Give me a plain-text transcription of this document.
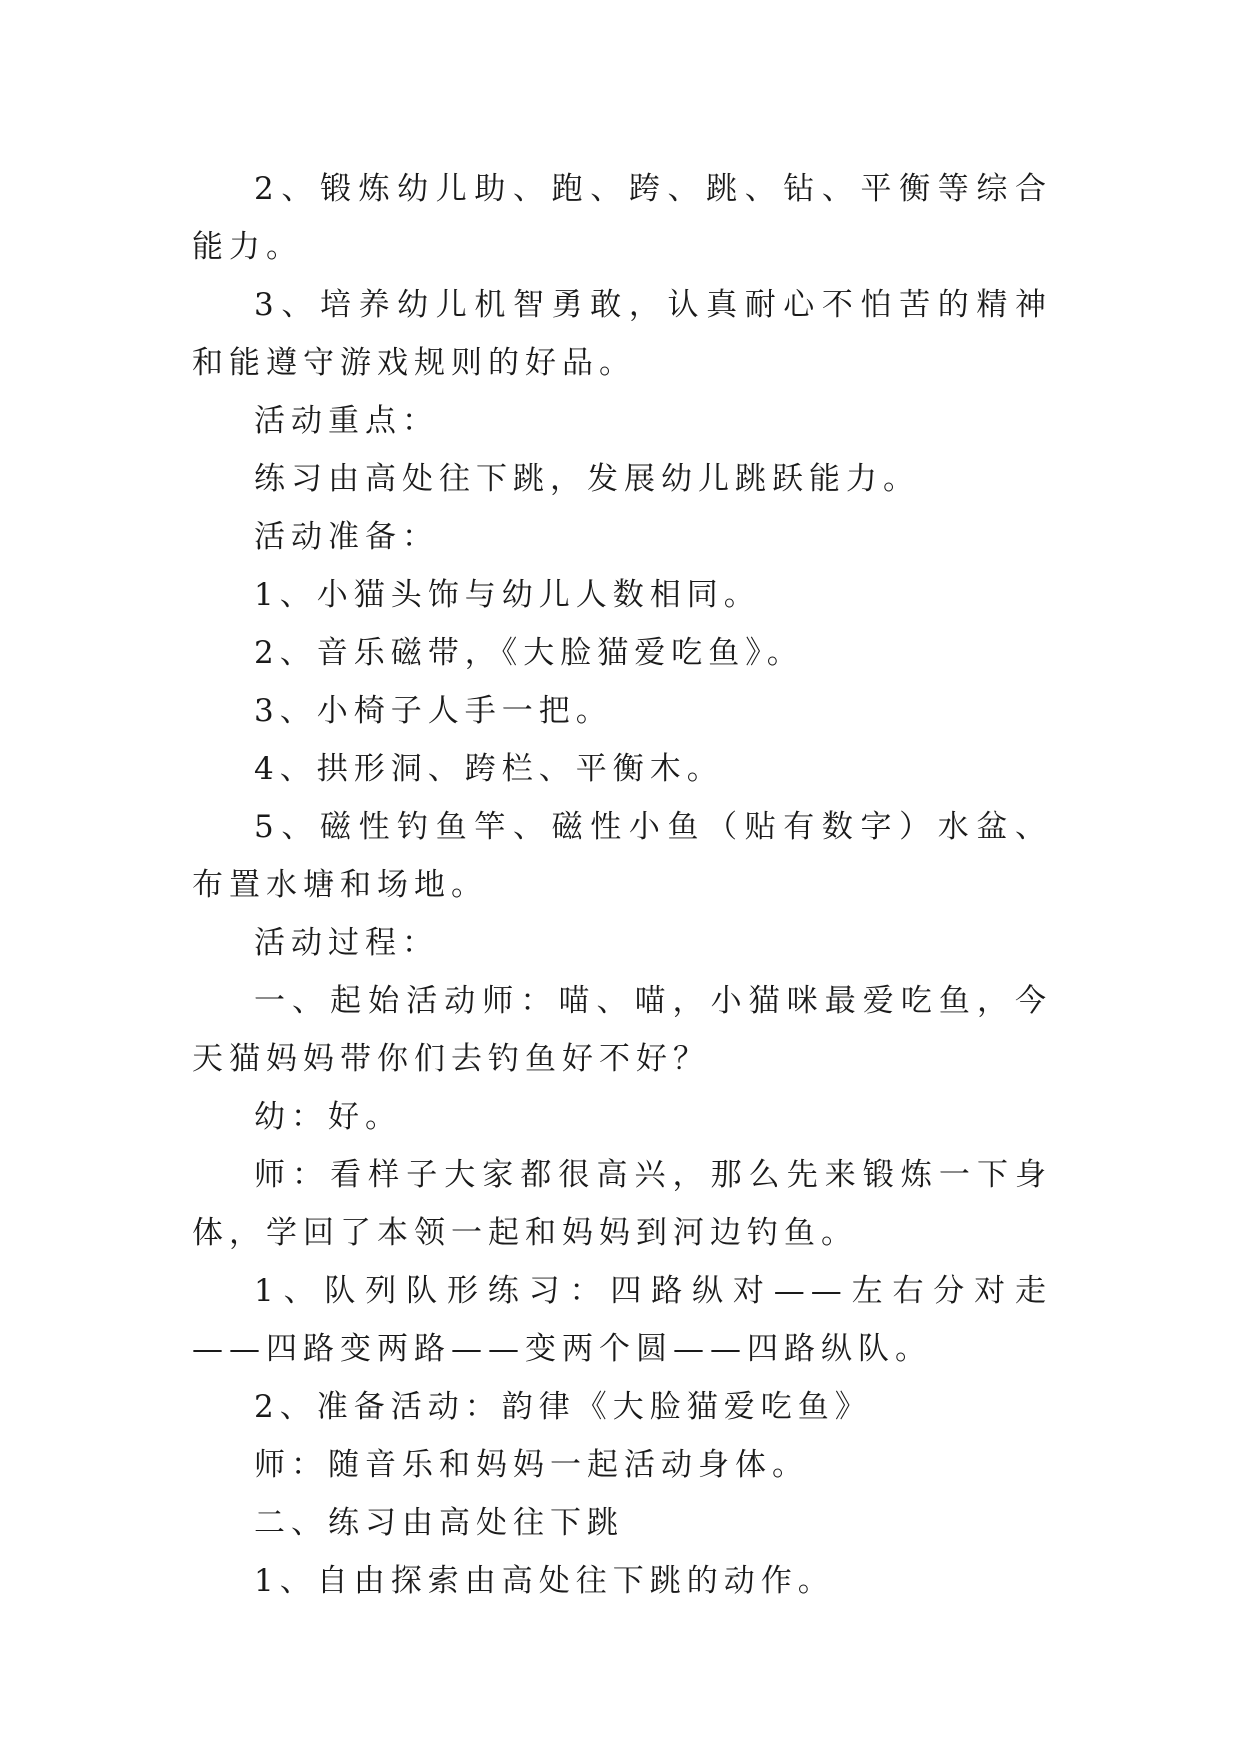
2、锻炼幼儿助、跑、跨、跳、钻、平衡等综合能力。

3、培养幼儿机智勇敢，认真耐心不怕苦的精神和能遵守游戏规则的好品。

活动重点：

练习由高处往下跳，发展幼儿跳跃能力。

活动准备：

1、小猫头饰与幼儿人数相同。

2、音乐磁带，《大脸猫爱吃鱼》。

3、小椅子人手一把。

4、拱形洞、跨栏、平衡木。

5、磁性钓鱼竿、磁性小鱼（贴有数字）水盆、布置水塘和场地。

活动过程：

一、起始活动师：喵、喵，小猫咪最爱吃鱼，今天猫妈妈带你们去钓鱼好不好？

幼：好。

师：看样子大家都很高兴，那么先来锻炼一下身体，学回了本领一起和妈妈到河边钓鱼。

1、队列队形练习：四路纵对——左右分对走——四路变两路——变两个圆——四路纵队。

2、准备活动：韵律《大脸猫爱吃鱼》

师：随音乐和妈妈一起活动身体。

二、练习由高处往下跳

1、自由探索由高处往下跳的动作。
